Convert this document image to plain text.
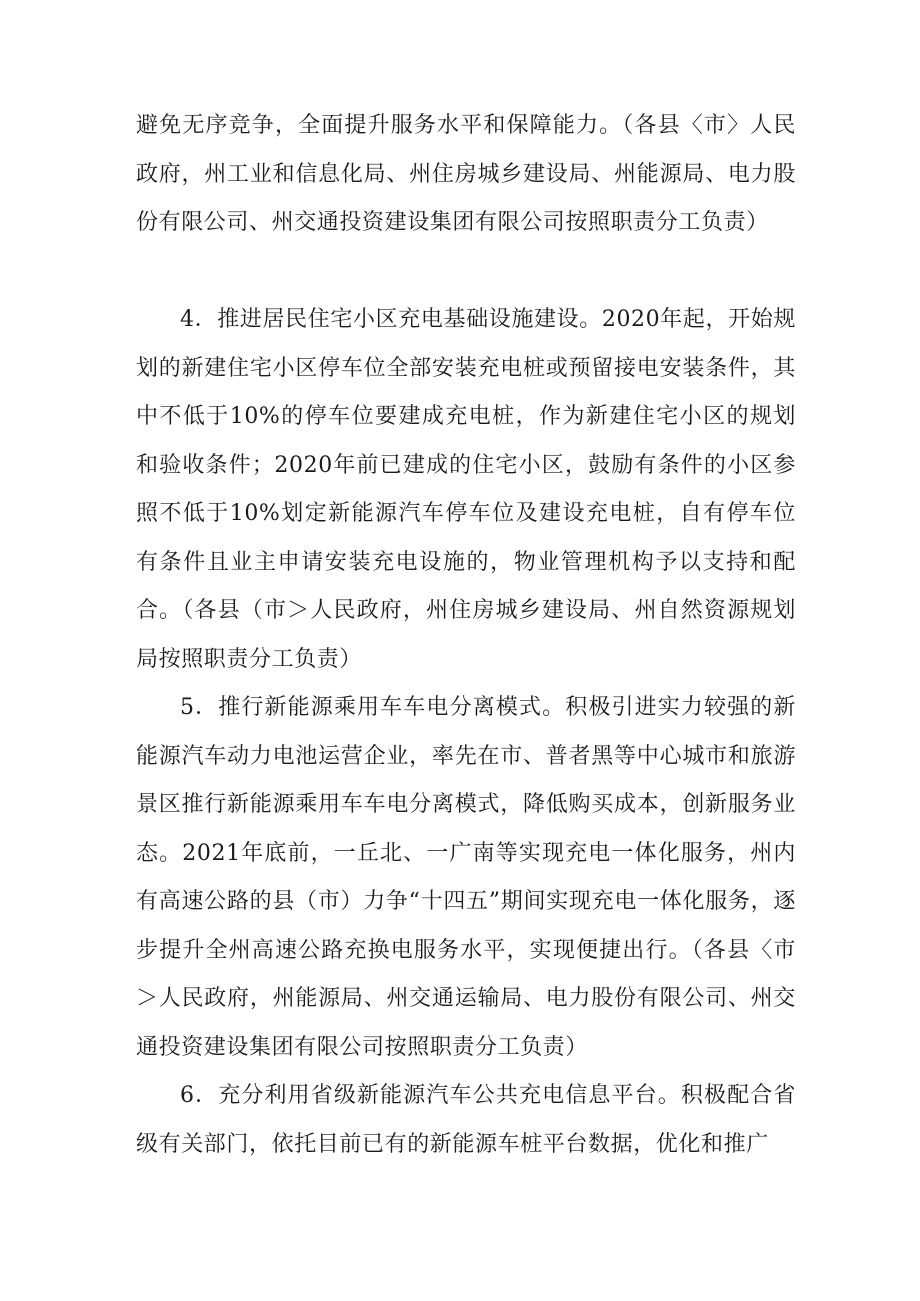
避免无序竞争，全面提升服务水平和保障能力。（各县〈市〉人民政府，州工业和信息化局、州住房城乡建设局、州能源局、电力股份有限公司、州交通投资建设集团有限公司按照职责分工负责）

4．推进居民住宅小区充电基础设施建设。2020年起，开始规划的新建住宅小区停车位全部安装充电桩或预留接电安装条件，其中不低于10%的停车位要建成充电桩，作为新建住宅小区的规划和验收条件；2020年前已建成的住宅小区，鼓励有条件的小区参照不低于10%划定新能源汽车停车位及建设充电桩，自有停车位有条件且业主申请安装充电设施的，物业管理机构予以支持和配合。（各县（市＞人民政府，州住房城乡建设局、州自然资源规划局按照职责分工负责）

5．推行新能源乘用车车电分离模式。积极引进实力较强的新能源汽车动力电池运营企业，率先在市、普者黑等中心城市和旅游景区推行新能源乘用车车电分离模式，降低购买成本，创新服务业态。2021年底前，一丘北、一广南等实现充电一体化服务，州内有高速公路的县（市）力争“十四五”期间实现充电一体化服务，逐步提升全州高速公路充换电服务水平，实现便捷出行。（各县〈市＞人民政府，州能源局、州交通运输局、电力股份有限公司、州交通投资建设集团有限公司按照职责分工负责）

6．充分利用省级新能源汽车公共充电信息平台。积极配合省级有关部门，依托目前已有的新能源车桩平台数据，优化和推广
